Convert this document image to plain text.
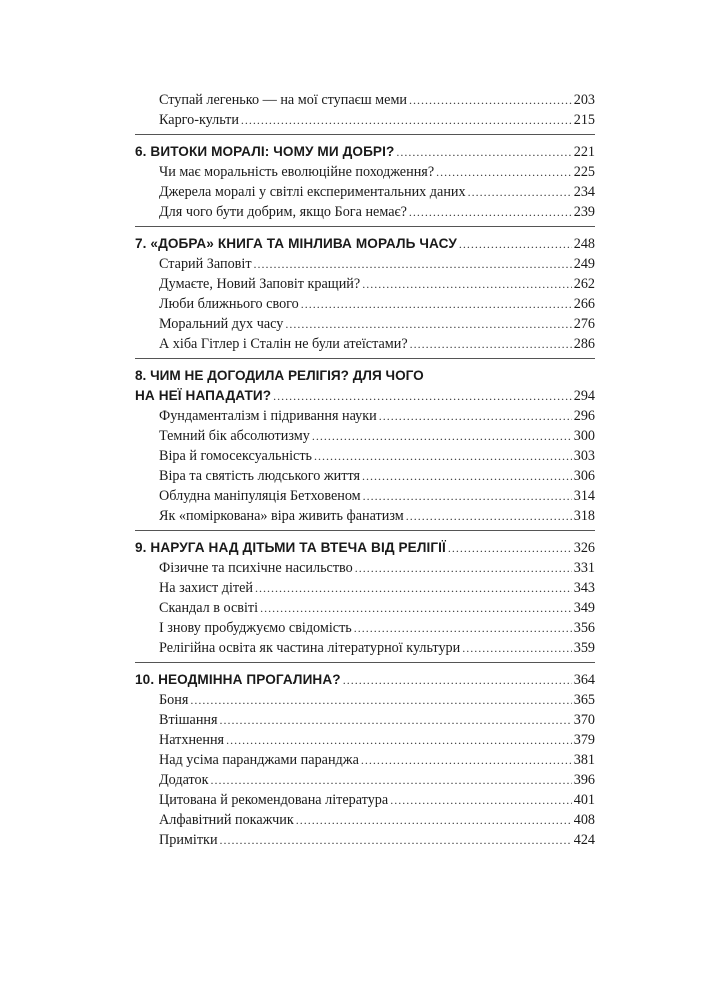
Ступай легенько — на мої ступаєш меми .....	203
Карго-культи .....	215
6. ВИТОКИ МОРАЛІ: ЧОМУ МИ ДОБРІ? .....	221
Чи має моральність еволюційне походження? .....	225
Джерела моралі у світлі експериментальних даних .....	234
Для чого бути добрим, якщо Бога немає? .....	239
7. «ДОБРА» КНИГА ТА МІНЛИВА МОРАЛЬ ЧАСУ .....	248
Старий Заповіт .....	249
Думаєте, Новий Заповіт кращий? .....	262
Люби ближнього свого .....	266
Моральний дух часу .....	276
А хіба Гітлер і Сталін не були атеїстами? .....	286
8. ЧИМ НЕ ДОГОДИЛА РЕЛІГІЯ? ДЛЯ ЧОГО
НА НЕЇ НАПАДАТИ? .....	294
Фундаменталізм і підривання науки .....	296
Темний бік абсолютизму .....	300
Віра й гомосексуальність .....	303
Віра та святість людського життя .....	306
Облудна маніпуляція Бетховеном .....	314
Як «поміркована» віра живить фанатизм .....	318
9. НАРУГА НАД ДІТЬМИ ТА ВТЕЧА ВІД РЕЛІГІЇ .....	326
Фізичне та психічне насильство .....	331
На захист дітей .....	343
Скандал в освіті .....	349
І знову пробуджуємо свідомість .....	356
Релігійна освіта як частина літературної культури .....	359
10. НЕОДМІННА ПРОГАЛИНА? .....	364
Боня .....	365
Втішання .....	370
Натхнення .....	379
Над усіма паранджами паранджа .....	381
Додаток .....	396
Цитована й рекомендована література .....	401
Алфавітний покажчик .....	408
Примітки .....	424
